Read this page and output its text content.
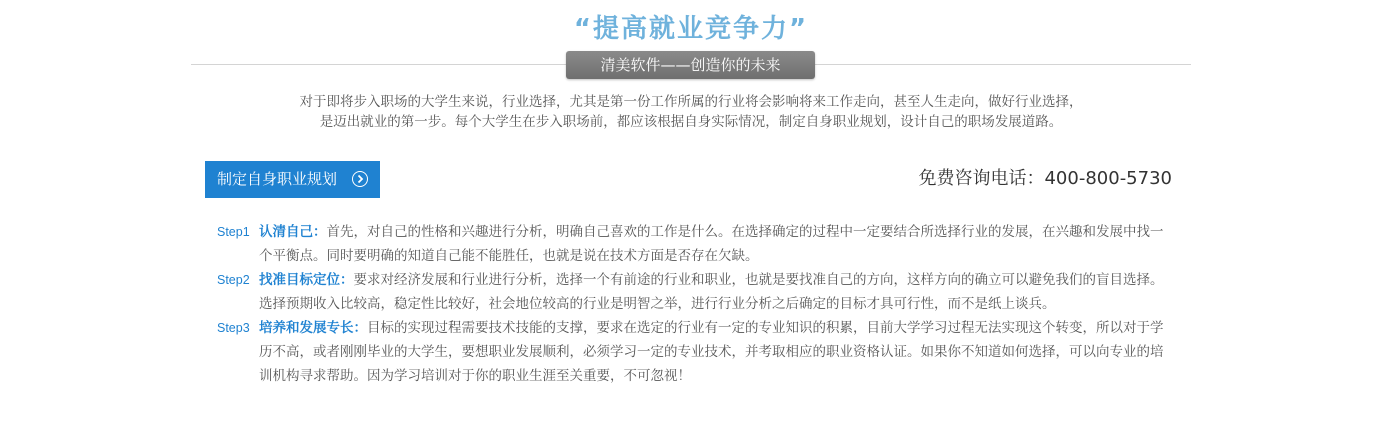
“提高就业竞争力”
清美软件——创造你的未来

对于即将步入职场的大学生来说，行业选择，尤其是第一份工作所属的行业将会影响将来工作走向，甚至人生走向，做好行业选择，

是迈出就业的第一步。每个大学生在步入职场前，都应该根据自身实际情况，制定自身职业规划，设计自己的职场发展道路。

制定自身职业规划	免费咨询电话：400-800-5730
Step1 认清自己：首先，对自己的性格和兴趣进行分析，明确自己喜欢的工作是什么。在选择确定的过程中一定要结合所选择行业的发展，在兴趣和发展中找一个平衡点。同时要明确的知道自己能不能胜任，也就是说在技术方面是否存在欠缺。
Step2 找准目标定位：要求对经济发展和行业进行分析，选择一个有前途的行业和职业，也就是要找准自己的方向，这样方向的确立可以避免我们的盲目选择。选择预期收入比较高，稳定性比较好，社会地位较高的行业是明智之举，进行行业分析之后确定的目标才具可行性，而不是纸上谈兵。
Step3 培养和发展专长：目标的实现过程需要技术技能的支撑，要求在选定的行业有一定的专业知识的积累，目前大学学习过程无法实现这个转变，所以对于学历不高，或者刚刚毕业的大学生，要想职业发展顺利，必须学习一定的专业技术，并考取相应的职业资格认证。如果你不知道如何选择，可以向专业的培训机构寻求帮助。因为学习培训对于你的职业生涯至关重要，不可忽视！
